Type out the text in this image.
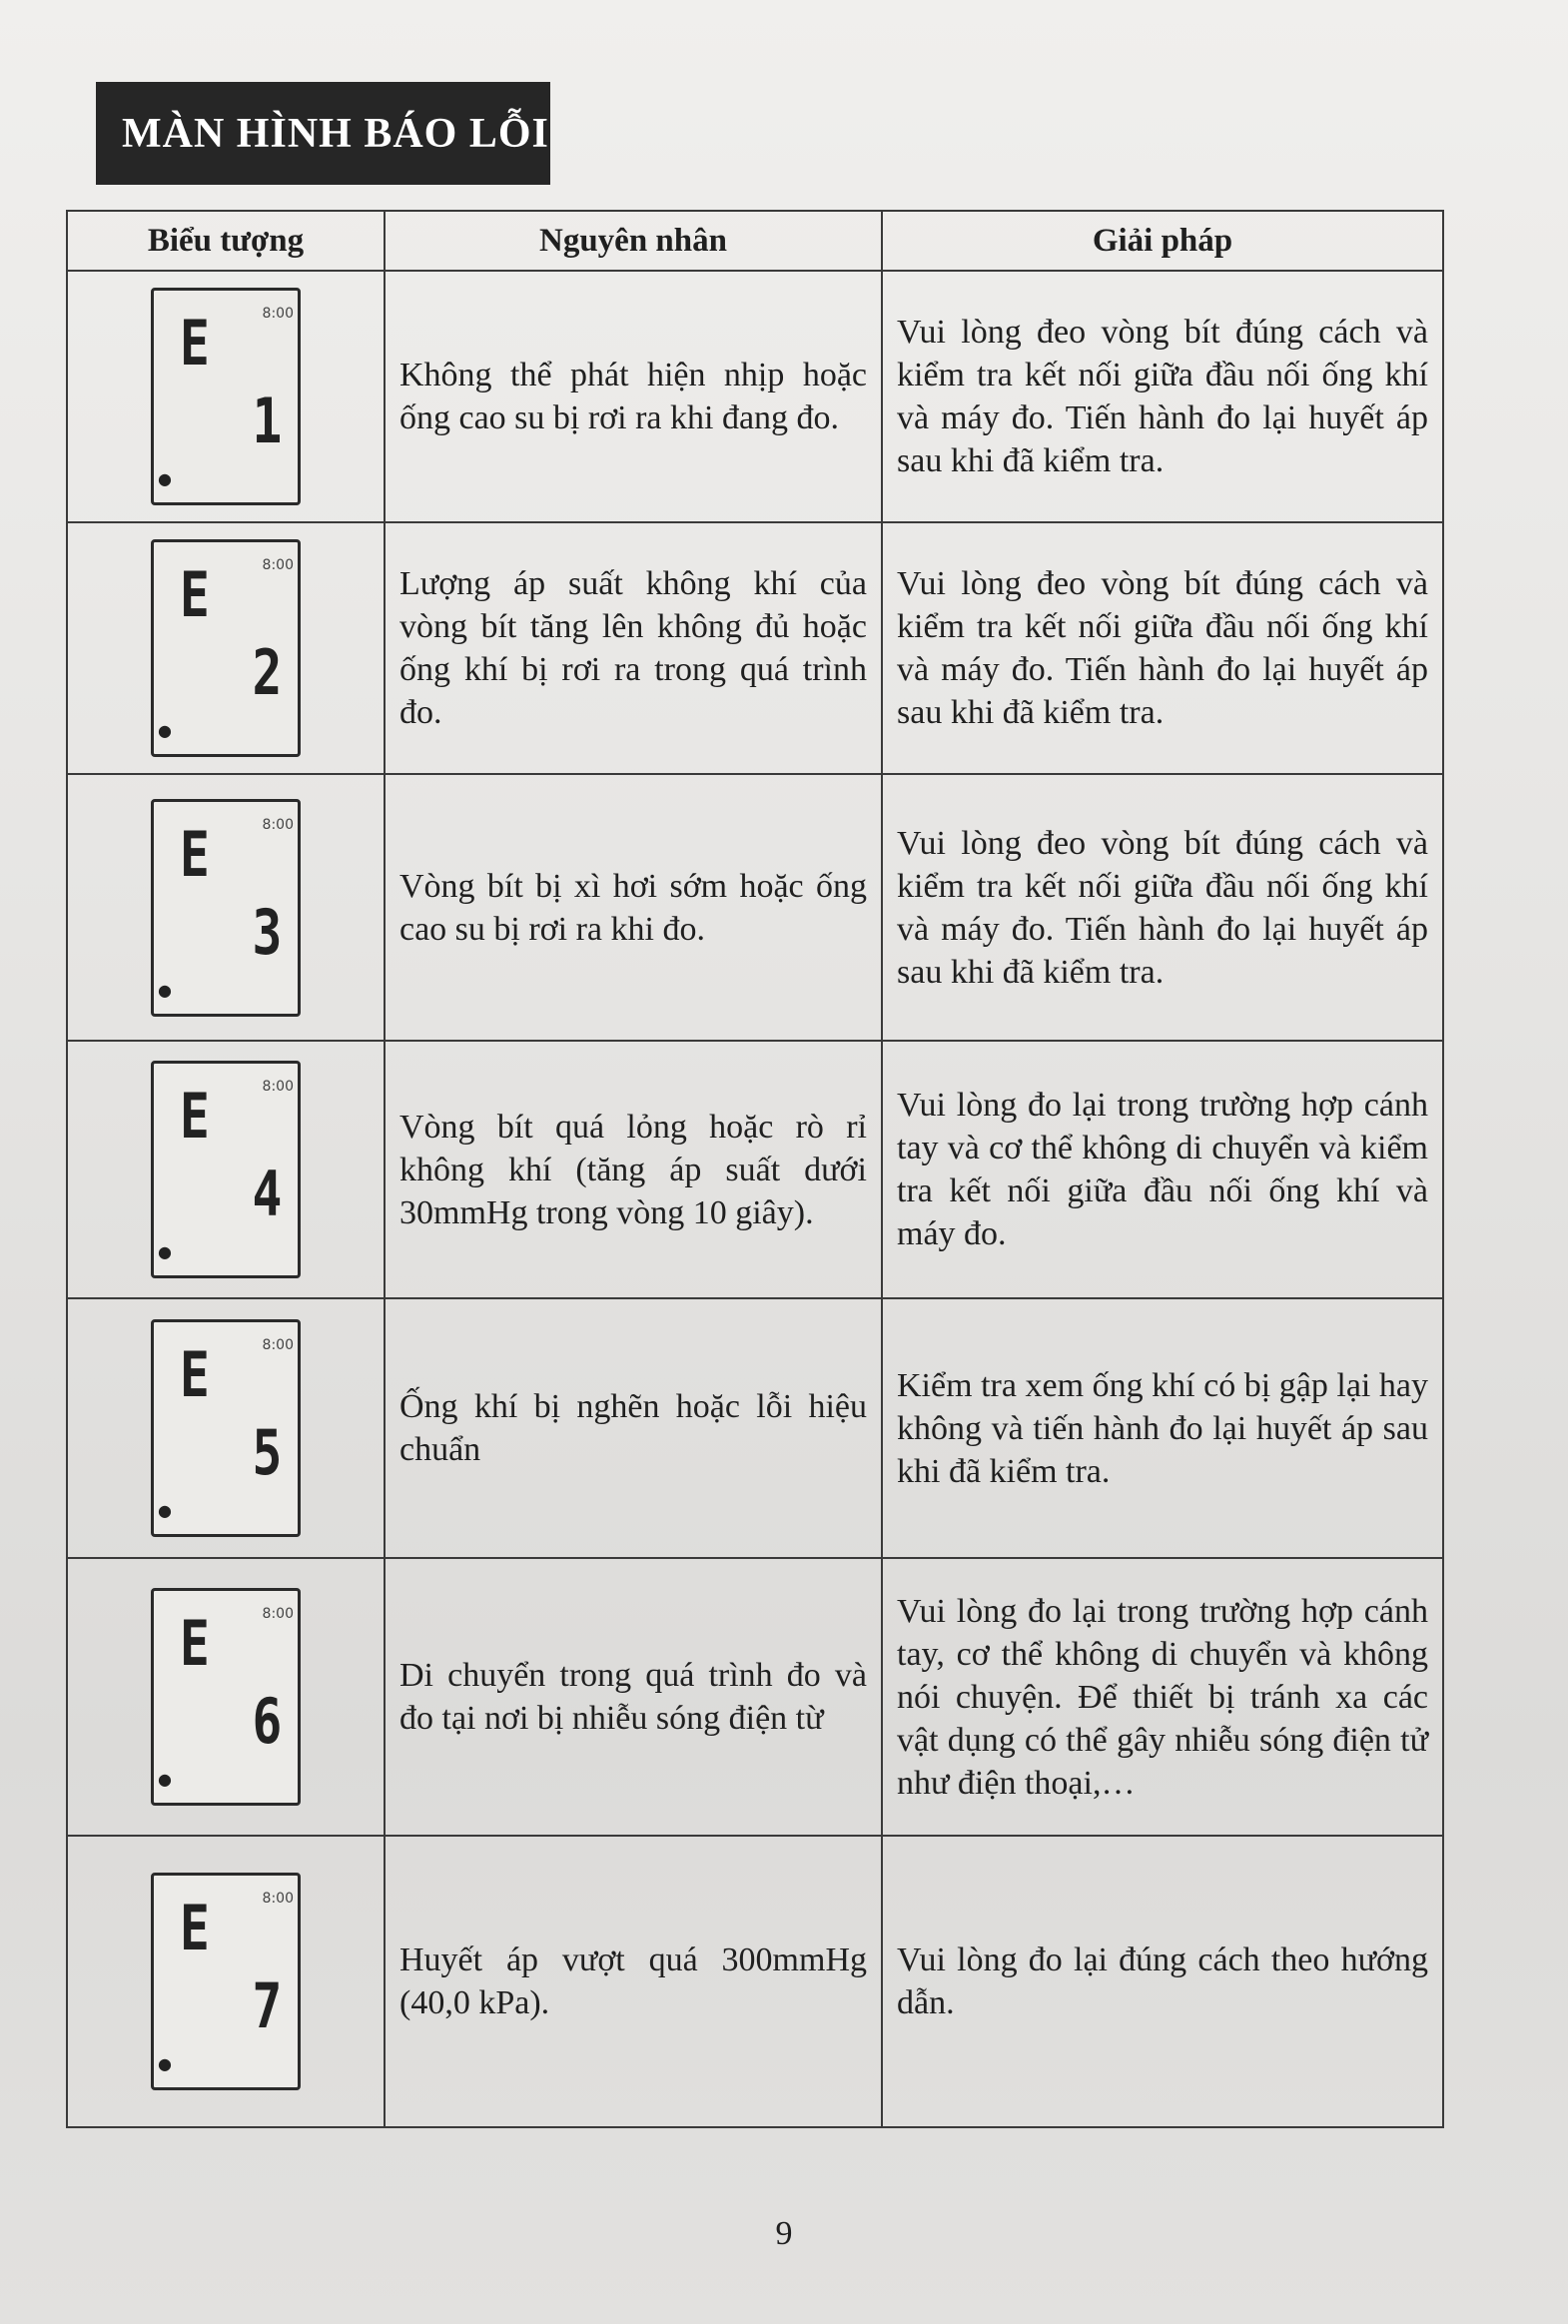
MÀN HÌNH BÁO LỖI
Biểu tượng	Nguyên nhân	Giải pháp

8:00
E
1
●	Không thể phát hiện nhịp hoặc ống cao su bị rơi ra khi đang đo.	Vui lòng đeo vòng bít đúng cách và kiểm tra kết nối giữa đầu nối ống khí và máy đo. Tiến hành đo lại huyết áp sau khi đã kiểm tra.

8:00
E
2
●	Lượng áp suất không khí của vòng bít tăng lên không đủ hoặc ống khí bị rơi ra trong quá trình đo.	Vui lòng đeo vòng bít đúng cách và kiểm tra kết nối giữa đầu nối ống khí và máy đo. Tiến hành đo lại huyết áp sau khi đã kiểm tra.

8:00
E
3
●	Vòng bít bị xì hơi sớm hoặc ống cao su bị rơi ra khi đo.	Vui lòng đeo vòng bít đúng cách và kiểm tra kết nối giữa đầu nối ống khí và máy đo. Tiến hành đo lại huyết áp sau khi đã kiểm tra.

8:00
E
4
●	Vòng bít quá lỏng hoặc rò rỉ không khí (tăng áp suất dưới 30mmHg trong vòng 10 giây).	Vui lòng đo lại trong trường hợp cánh tay và cơ thể không di chuyển và kiểm tra kết nối giữa đầu nối ống khí và máy đo.

8:00
E
5
●	Ống khí bị nghẽn hoặc lỗi hiệu chuẩn	Kiểm tra xem ống khí có bị gập lại hay không và tiến hành đo lại huyết áp sau khi đã kiểm tra.

8:00
E
6
●	Di chuyển trong quá trình đo và đo tại nơi bị nhiễu sóng điện từ	Vui lòng đo lại trong trường hợp cánh tay, cơ thể không di chuyển và không nói chuyện. Để thiết bị tránh xa các vật dụng có thể gây nhiễu sóng điện tử như điện thoại,…

8:00
E
7
●	Huyết áp vượt quá 300mmHg (40,0 kPa).	Vui lòng đo lại đúng cách theo hướng dẫn.
9
